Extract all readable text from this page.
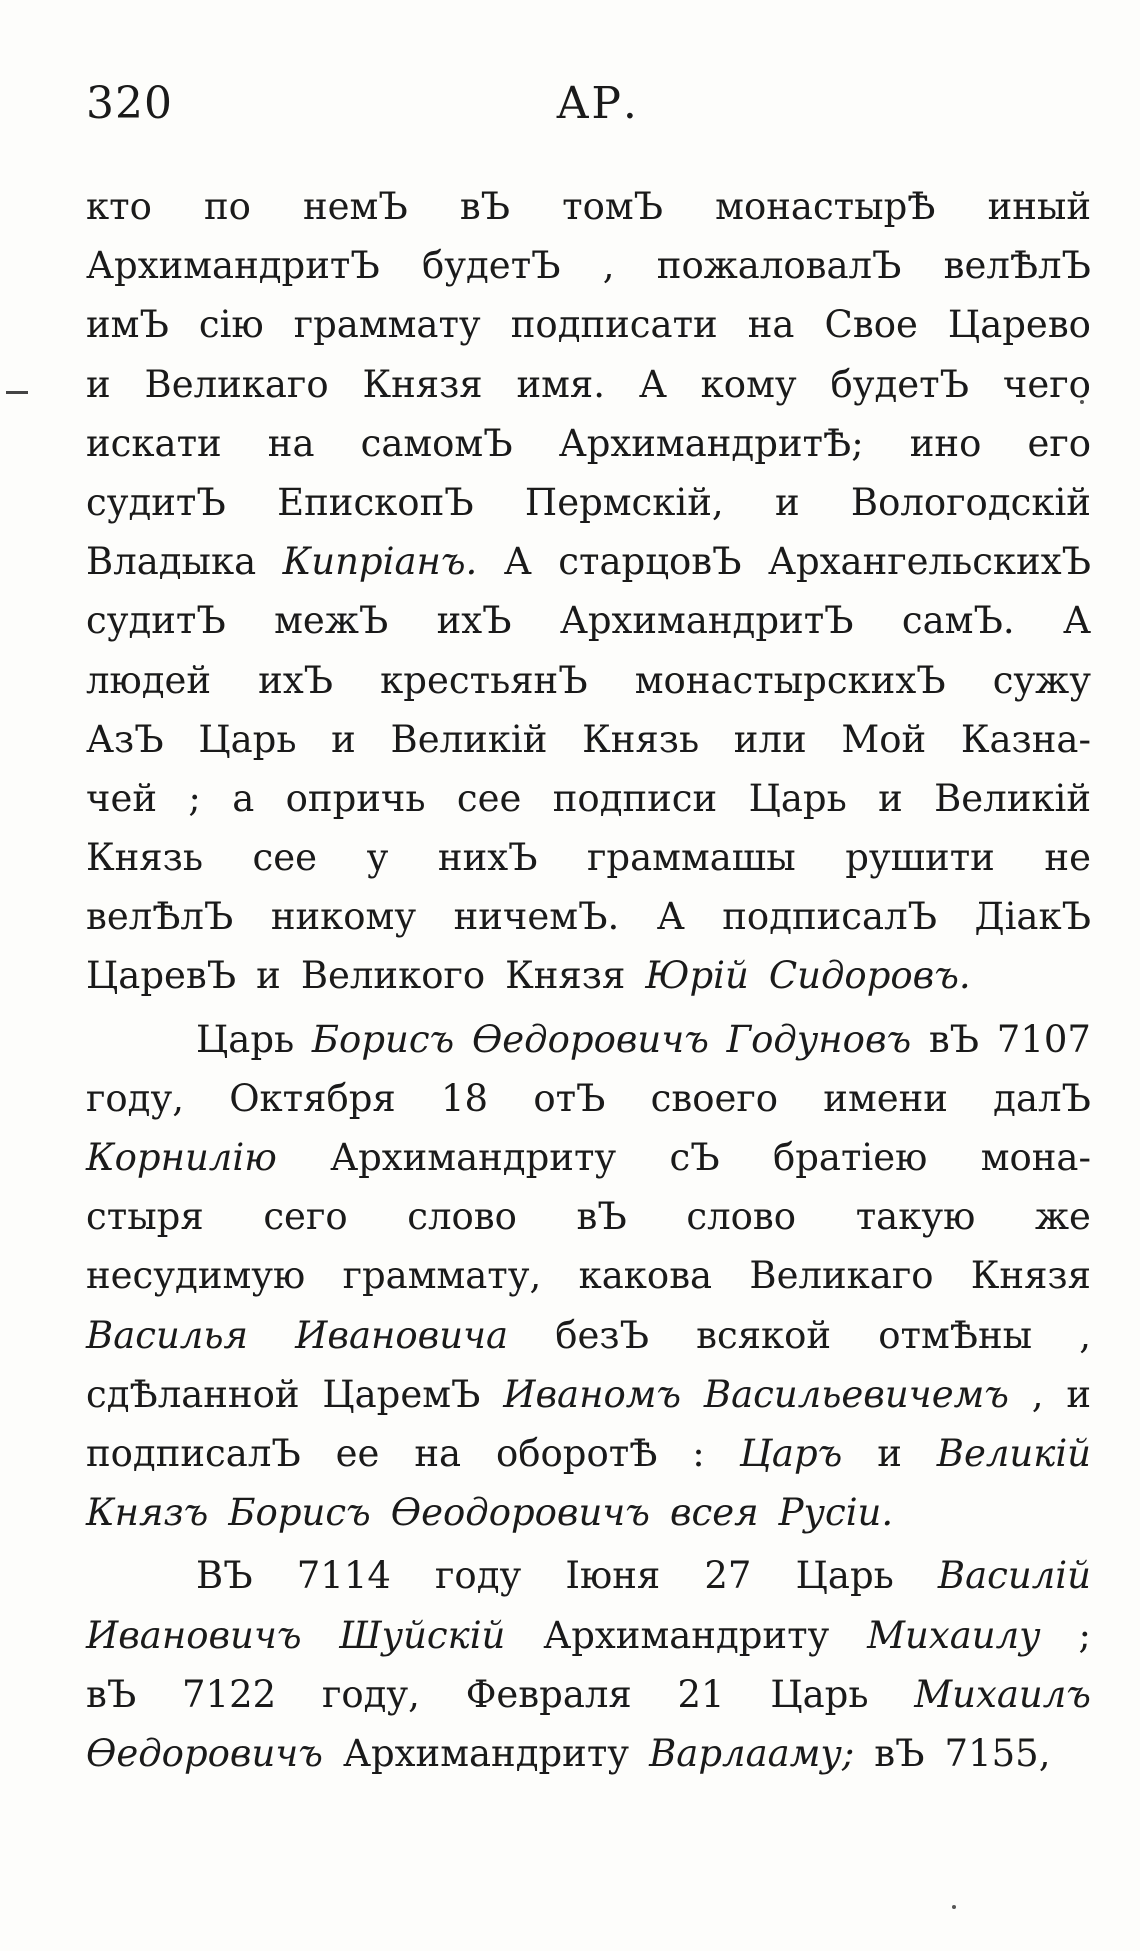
320	АР.
кто по немЪ вЪ томЪ монастырѢ иный
АрхимандритЪ будетЪ , пожаловалЪ велѢлЪ
имЪ сію граммату подписати на Свое Царево
и Великаго Князя имя. А кому будетЪ чего
искати на самомЪ АрхимандритѢ; ино его
судитЪ ЕпископЪ Пермскій, и Вологодскій
Владыка Кипріанъ. А старцовЪ АрхангельскихЪ
судитЪ межЪ ихЪ АрхимандритЪ самЪ. А
людей ихЪ крестьянЪ монастырскихЪ сужу
АзЪ Царь и Великій Князь или Мой Казна-
чей ; а опричь сее подписи Царь и Великій
Князь сее у нихЪ граммашы рушити не
велѢлЪ никому ничемЪ. А подписалЪ ДіакЪ
ЦаревЪ и Великого Князя Юрій Сидоровъ.
Царь Борисъ Ѳедоровичъ Годуновъ вЪ 7107
году, Октября 18 отЪ своего имени далЪ
Корнилію Архимандриту сЪ братіею мона-
стыря сего слово вЪ слово такую же
несудимую граммату, какова Великаго Князя
Василья Ивановича безЪ всякой отмѢны ,
сдѢланной ЦаремЪ Иваномъ Васильевичемъ , и
подписалЪ ее на оборотѢ : Царъ и Великій
Князъ Борисъ Ѳеодоровичъ всея Русіи.
ВЪ 7114 году Іюня 27 Царь Василій
Ивановичъ Шуйскій Архимандриту Михаилу ;
вЪ 7122 году, Февраля 21 Царь Михаилъ
Ѳедоровичъ Архимандриту Варлааму; вЪ 7155,
